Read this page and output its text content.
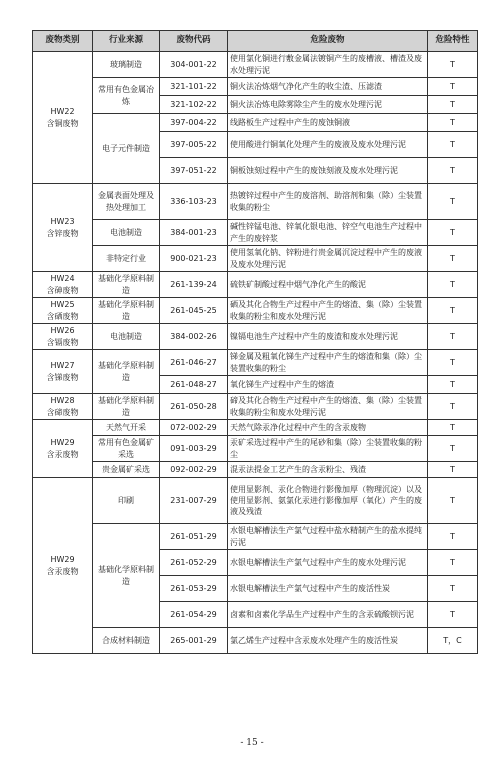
废物类别	行业来源	废物代码	危险废物	危险特性

HW22
含铜废物	玻璃制造	304-001-22	使用氯化铜进行敷金属法镀铜产生的废槽液、槽渣及废水处理污泥	T
	常用有色金属冶炼	321-101-22	铜火法冶炼烟气净化产生的收尘渣、压滤渣	T
		321-102-22	铜火法冶炼电除雾除尘产生的废水处理污泥	T
	电子元件制造	397-004-22	线路板生产过程中产生的废蚀铜液	T
		397-005-22	使用酸进行铜氧化处理产生的废液及废水处理污泥	T
		397-051-22	铜板蚀刻过程中产生的废蚀刻液及废水处理污泥	T

HW23
含锌废物	金属表面处理及热处理加工	336-103-23	热镀锌过程中产生的废溶剂、助溶剂和集（除）尘装置收集的粉尘	T
	电池制造	384-001-23	碱性锌锰电池、锌氧化银电池、锌空气电池生产过程中产生的废锌浆	T
	非特定行业	900-021-23	使用氢氧化钠、锌粉进行贵金属沉淀过程中产生的废液及废水处理污泥	T

HW24
含砷废物	基础化学原料制造	261-139-24	硫铁矿制酸过程中烟气净化产生的酸泥	T

HW25
含硒废物	基础化学原料制造	261-045-25	硒及其化合物生产过程中产生的熔渣、集（除）尘装置收集的粉尘和废水处理污泥	T

HW26
含镉废物	电池制造	384-002-26	镍镉电池生产过程中产生的废渣和废水处理污泥	T

HW27
含锑废物	基础化学原料制造	261-046-27	锑金属及粗氧化锑生产过程中产生的熔渣和集（除）尘装置收集的粉尘	T
		261-048-27	氧化锑生产过程中产生的熔渣	T

HW28
含碲废物	基础化学原料制造	261-050-28	碲及其化合物生产过程中产生的熔渣、集（除）尘装置收集的粉尘和废水处理污泥	T

HW29
含汞废物	天然气开采	072-002-29	天然气除汞净化过程中产生的含汞废物	T
	常用有色金属矿采选	091-003-29	汞矿采选过程中产生的尾砂和集（除）尘装置收集的粉尘	T
	贵金属矿采选	092-002-29	混汞法提金工艺产生的含汞粉尘、残渣	T

HW29
含汞废物	印刷	231-007-29	使用显影剂、汞化合物进行影像加厚（物理沉淀）以及使用显影剂、氨氯化汞进行影像加厚（氧化）产生的废液及残渣	T
	基础化学原料制造	261-051-29	水银电解槽法生产氯气过程中盐水精制产生的盐水提纯污泥	T
		261-052-29	水银电解槽法生产氯气过程中产生的废水处理污泥	T
		261-053-29	水银电解槽法生产氯气过程中产生的废活性炭	T
		261-054-29	卤素和卤素化学品生产过程中产生的含汞硫酸钡污泥	T
	合成材料制造	265-001-29	氯乙烯生产过程中含汞废水处理产生的废活性炭	T，C
- 15 -
